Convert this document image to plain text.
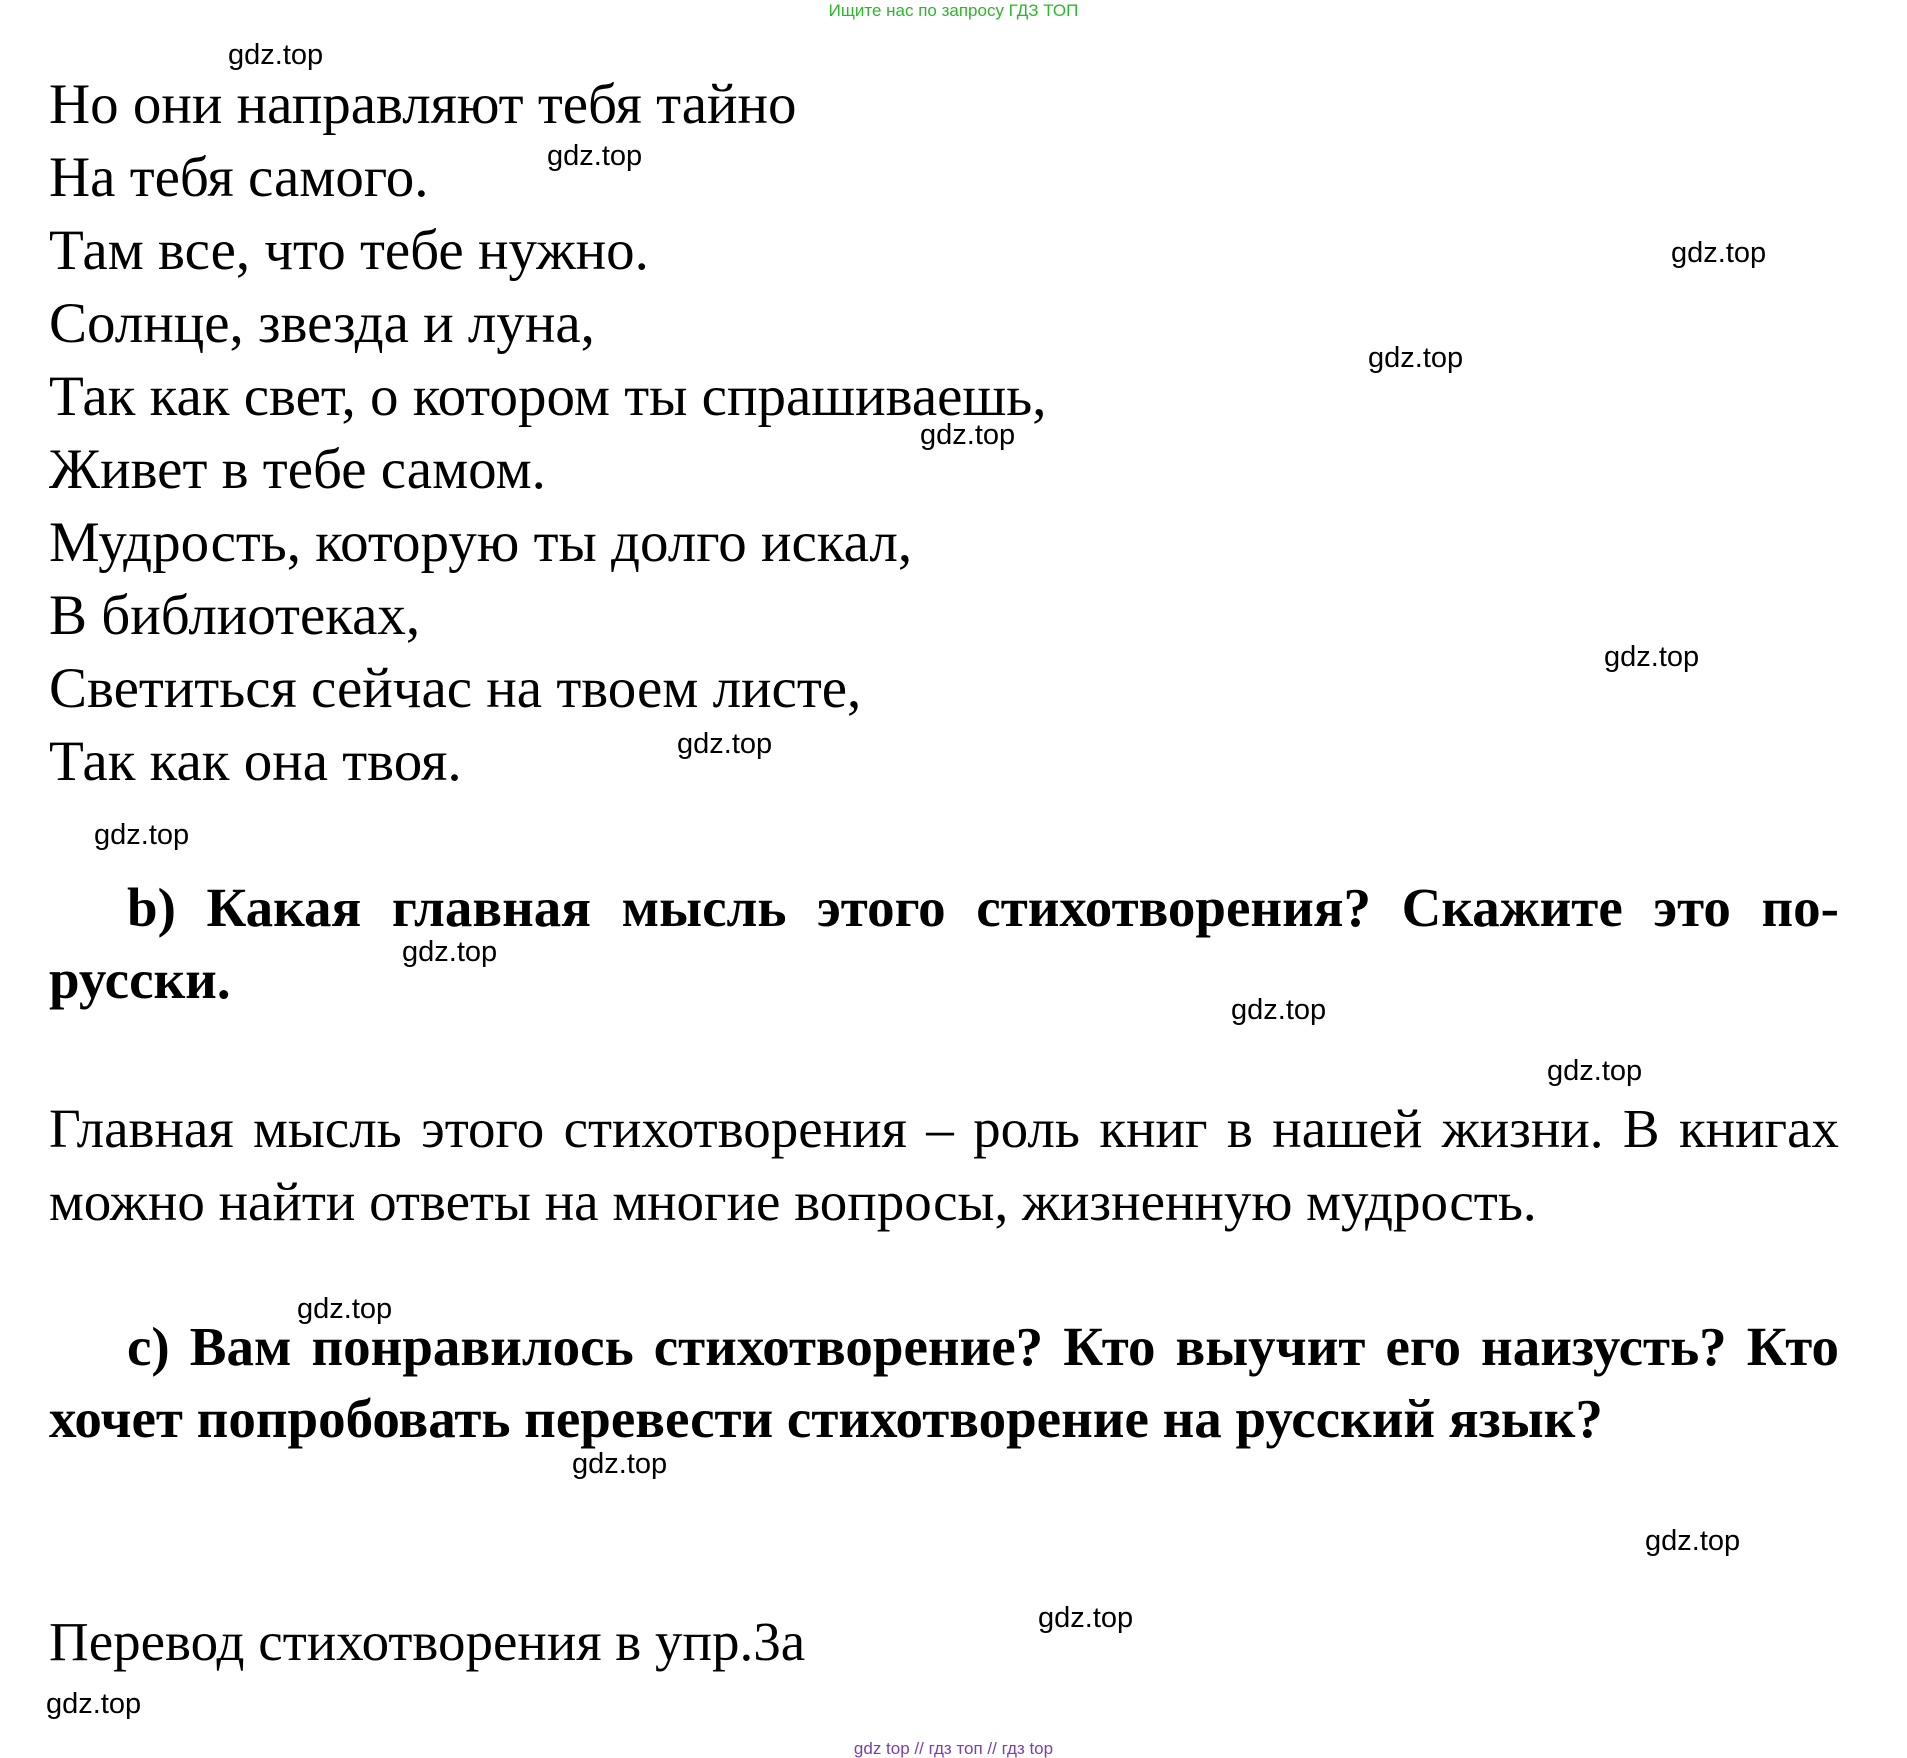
Ищите нас по запросу ГДЗ ТОП
Но они направляют тебя тайно
На тебя самого.
Там все, что тебе нужно.
Солнце, звезда и луна,
Так как свет, о котором ты спрашиваешь,
Живет в тебе самом.
Мудрость, которую ты долго искал,
В библиотеках,
Светиться сейчас на твоем листе,
Так как она твоя.

b) Какая главная мысль этого стихотворения? Скажите это по-русски.

Главная мысль этого стихотворения – роль книг в нашей жизни. В книгах можно найти ответы на многие вопросы, жизненную мудрость.

c) Вам понравилось стихотворение? Кто выучит его наизусть? Кто хочет попробовать перевести стихотворение на русский язык?

Перевод стихотворения в упр.3а

gdz.top
gdz.top
gdz.top
gdz.top
gdz.top
gdz.top
gdz.top
gdz.top
gdz.top
gdz.top
gdz.top
gdz.top
gdz.top
gdz.top
gdz.top
gdz.top
gdz top // гдз топ // гдз top
